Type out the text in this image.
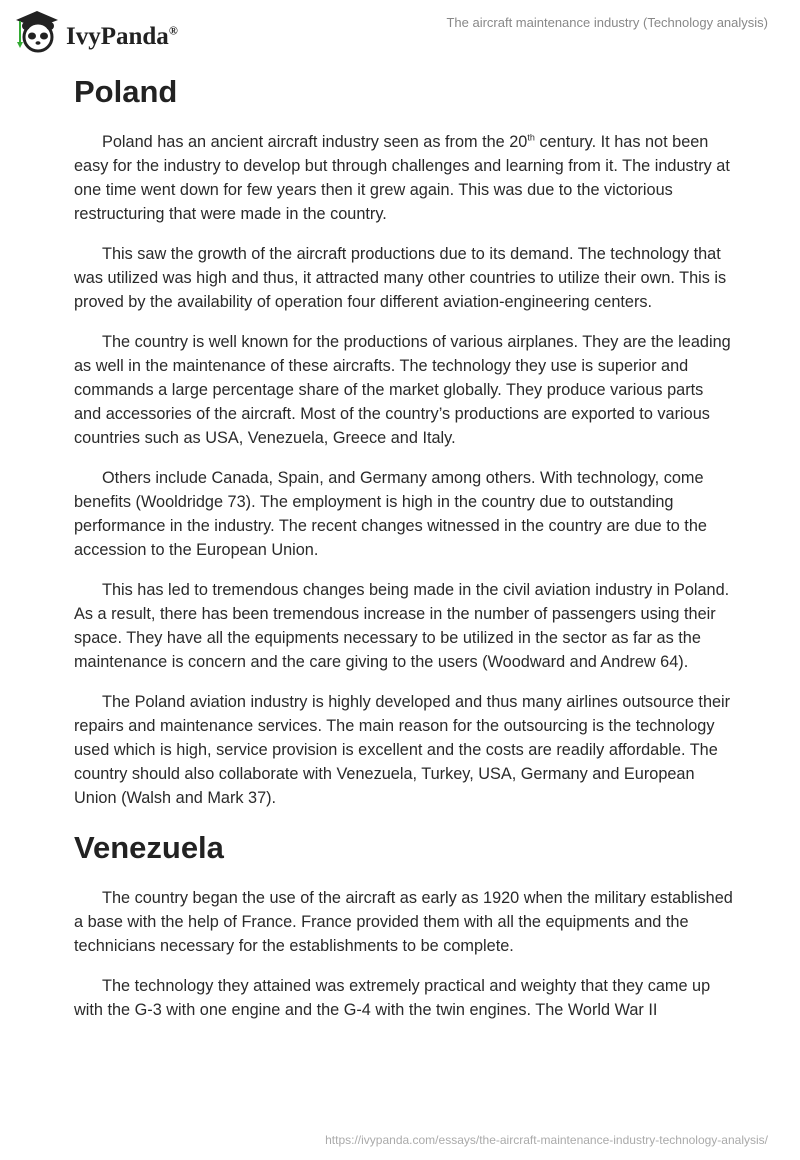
IvyPanda®
The aircraft maintenance industry (Technology analysis)
Poland

Poland has an ancient aircraft industry seen as from the 20th century. It has not been easy for the industry to develop but through challenges and learning from it. The industry at one time went down for few years then it grew again. This was due to the victorious restructuring that were made in the country.

This saw the growth of the aircraft productions due to its demand. The technology that was utilized was high and thus, it attracted many other countries to utilize their own. This is proved by the availability of operation four different aviation-engineering centers.

The country is well known for the productions of various airplanes. They are the leading as well in the maintenance of these aircrafts. The technology they use is superior and commands a large percentage share of the market globally. They produce various parts and accessories of the aircraft. Most of the country’s productions are exported to various countries such as USA, Venezuela, Greece and Italy.

Others include Canada, Spain, and Germany among others. With technology, come benefits (Wooldridge 73). The employment is high in the country due to outstanding performance in the industry. The recent changes witnessed in the country are due to the accession to the European Union.

This has led to tremendous changes being made in the civil aviation industry in Poland. As a result, there has been tremendous increase in the number of passengers using their space. They have all the equipments necessary to be utilized in the sector as far as the maintenance is concern and the care giving to the users (Woodward and Andrew 64).

The Poland aviation industry is highly developed and thus many airlines outsource their repairs and maintenance services. The main reason for the outsourcing is the technology used which is high, service provision is excellent and the costs are readily affordable. The country should also collaborate with Venezuela, Turkey, USA, Germany and European Union (Walsh and Mark 37).

Venezuela

The country began the use of the aircraft as early as 1920 when the military established a base with the help of France. France provided them with all the equipments and the technicians necessary for the establishments to be complete.

The technology they attained was extremely practical and weighty that they came up with the G-3 with one engine and the G-4 with the twin engines. The World War II

https://ivypanda.com/essays/the-aircraft-maintenance-industry-technology-analysis/
